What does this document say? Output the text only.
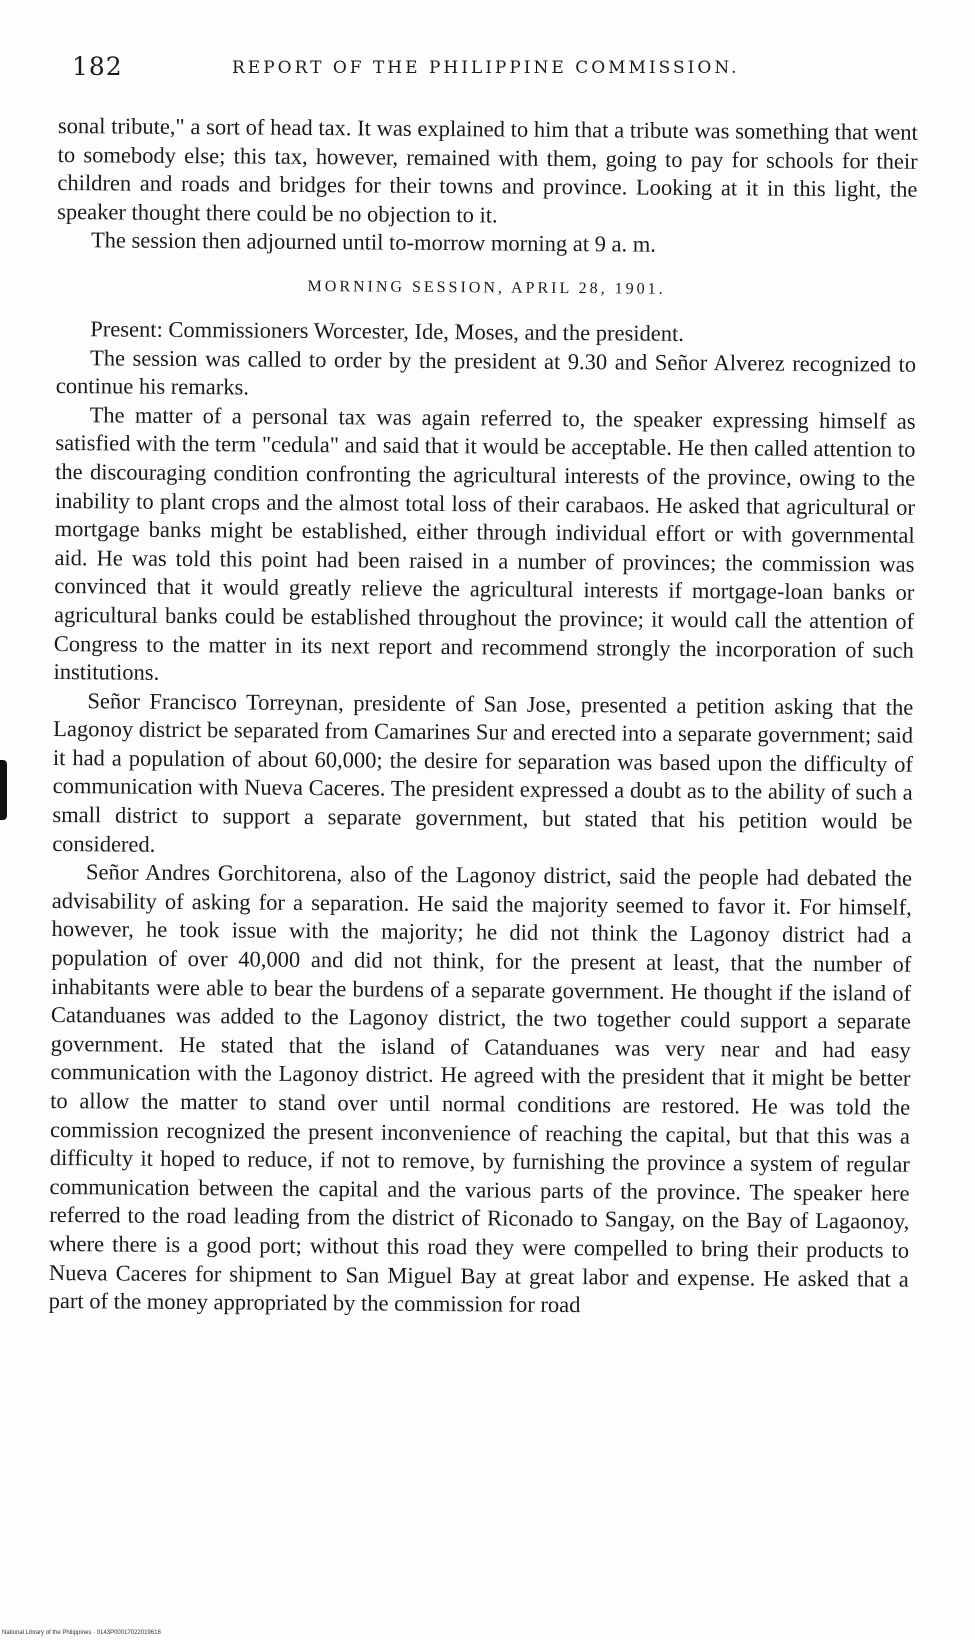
182	REPORT OF THE PHILIPPINE COMMISSION.

sonal tribute," a sort of head tax. It was explained to him that a tribute was something that went to somebody else; this tax, however, remained with them, going to pay for schools for their children and roads and bridges for their towns and province. Looking at it in this light, the speaker thought there could be no objection to it.

The session then adjourned until to-morrow morning at 9 a. m.

MORNING SESSION, APRIL 28, 1901.

Present: Commissioners Worcester, Ide, Moses, and the president.

The session was called to order by the president at 9.30 and Señor Alverez recognized to continue his remarks.

The matter of a personal tax was again referred to, the speaker expressing himself as satisfied with the term "cedula" and said that it would be acceptable. He then called attention to the discouraging condition confronting the agricultural interests of the province, owing to the inability to plant crops and the almost total loss of their carabaos. He asked that agricultural or mortgage banks might be established, either through individual effort or with governmental aid. He was told this point had been raised in a number of provinces; the commission was convinced that it would greatly relieve the agricultural interests if mortgage-loan banks or agricultural banks could be established throughout the province; it would call the attention of Congress to the matter in its next report and recommend strongly the incorporation of such institutions.

Señor Francisco Torreynan, presidente of San Jose, presented a petition asking that the Lagonoy district be separated from Camarines Sur and erected into a separate government; said it had a population of about 60,000; the desire for separation was based upon the difficulty of communication with Nueva Caceres. The president expressed a doubt as to the ability of such a small district to support a separate government, but stated that his petition would be considered.

Señor Andres Gorchitorena, also of the Lagonoy district, said the people had debated the advisability of asking for a separation. He said the majority seemed to favor it. For himself, however, he took issue with the majority; he did not think the Lagonoy district had a population of over 40,000 and did not think, for the present at least, that the number of inhabitants were able to bear the burdens of a separate government. He thought if the island of Catanduanes was added to the Lagonoy district, the two together could support a separate government. He stated that the island of Catanduanes was very near and had easy communication with the Lagonoy district. He agreed with the president that it might be better to allow the matter to stand over until normal conditions are restored. He was told the commission recognized the present inconvenience of reaching the capital, but that this was a difficulty it hoped to reduce, if not to remove, by furnishing the province a system of regular communication between the capital and the various parts of the province. The speaker here referred to the road leading from the district of Riconado to Sangay, on the Bay of Lagaonoy, where there is a good port; without this road they were compelled to bring their products to Nueva Caceres for shipment to San Miguel Bay at great labor and expense. He asked that a part of the money appropriated by the commission for road

National Library of the Philippines · 0143P00017022019618
